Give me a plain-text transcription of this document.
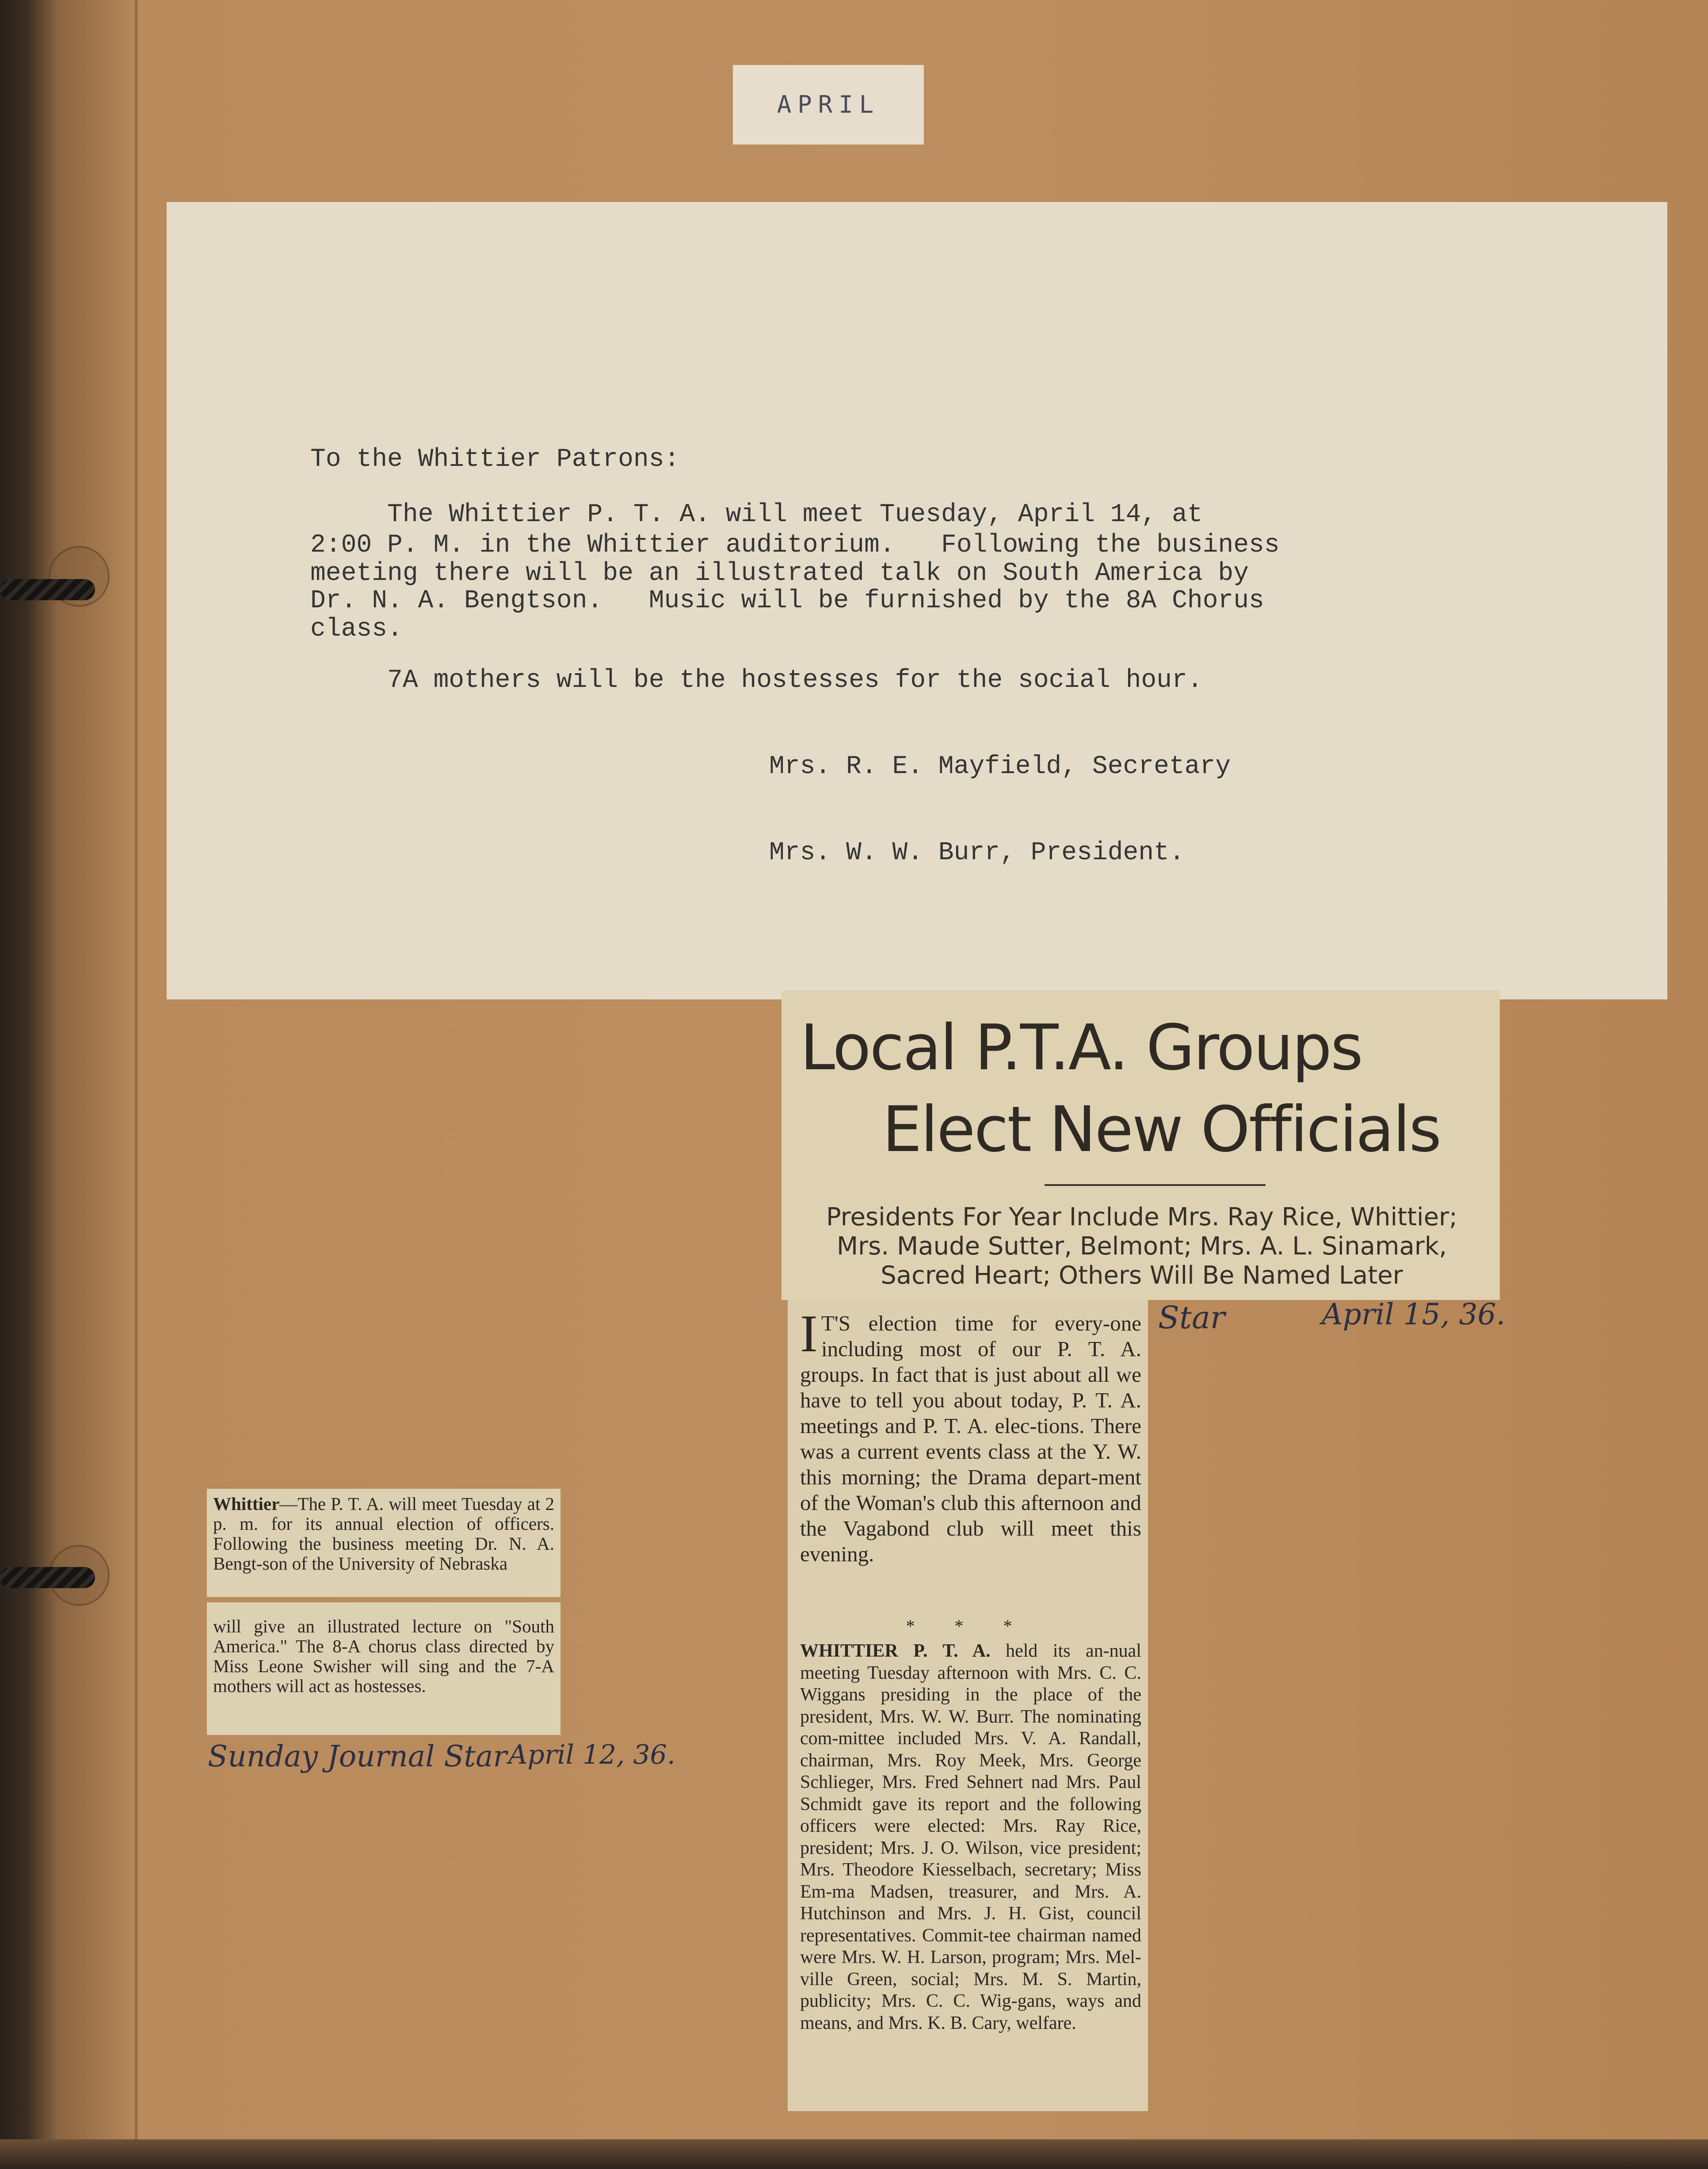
APRIL

To the Whittier Patrons:

The Whittier P. T. A. will meet Tuesday, April 14, at

2:00 P. M. in the Whittier auditorium.   Following the business

meeting there will be an illustrated talk on South America by

Dr. N. A. Bengtson.   Music will be furnished by the 8A Chorus

class.

7A mothers will be the hostesses for the social hour.

Mrs. R. E. Mayfield, Secretary

Mrs. W. W. Burr, President.

Local P.T.A. Groups
Elect New Officials
Presidents For Year Include Mrs. Ray Rice, Whittier;
Mrs. Maude Sutter, Belmont; Mrs. A. L. Sinamark,
Sacred Heart; Others Will Be Named Later

I T'S election time for every-one including most of our P. T. A. groups. In fact that is just about all we have to tell you about today, P. T. A. meetings and P. T. A. elec-tions. There was a current events class at the Y. W. this morning; the Drama depart-ment of the Woman's club this afternoon and the Vagabond club will meet this evening.

* * *

WHITTIER P. T. A. held its an-nual meeting Tuesday afternoon with Mrs. C. C. Wiggans presiding in the place of the president, Mrs. W. W. Burr. The nominating com-mittee included Mrs. V. A. Randall, chairman, Mrs. Roy Meek, Mrs. George Schlieger, Mrs. Fred Sehnert nad Mrs. Paul Schmidt gave its report and the following officers were elected: Mrs. Ray Rice, president; Mrs. J. O. Wilson, vice president; Mrs. Theodore Kiesselbach, secretary; Miss Em-ma Madsen, treasurer, and Mrs. A. Hutchinson and Mrs. J. H. Gist, council representatives. Commit-tee chairman named were Mrs. W. H. Larson, program; Mrs. Mel-ville Green, social; Mrs. M. S. Martin, publicity; Mrs. C. C. Wig-gans, ways and means, and Mrs. K. B. Cary, welfare.

Star	April 15, 36.

Whittier—The P. T. A. will meet Tuesday at 2 p. m. for its annual election of officers. Following the business meeting Dr. N. A. Bengt-son of the University of Nebraska

will give an illustrated lecture on "South America." The 8-A chorus class directed by Miss Leone Swisher will sing and the 7-A mothers will act as hostesses.

Sunday Journal Star April 12, 36.
